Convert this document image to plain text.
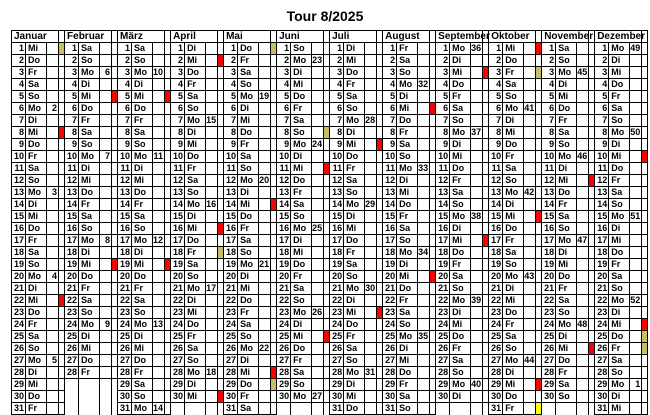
Tour 8/2025
Januar				Februar				März				April				Mai				Juni				Juli				August				September				Oktober				November				Dezember			
1	Mi			1	Sa			1	Sa			1	Di			1	Do			1	So			1	Di			1	Fr			1	Mo	36		1	Mi			1	Sa			1	Mo	49	
2	Do			2	So			2	So			2	Mi			2	Fr			2	Mo	23		2	Mi			2	Sa			2	Di			2	Do			2	So			2	Di		
3	Fr			3	Mo	6		3	Mo	10		3	Do			3	Sa			3	Di			3	Do			3	So			3	Mi			3	Fr			3	Mo	45		3	Mi		
4	Sa			4	Di			4	Di			4	Fr			4	So			4	Mi			4	Fr			4	Mo	32		4	Do			4	Sa			4	Di			4	Do		
5	So			5	Mi			5	Mi			5	Sa			5	Mo	19		5	Do			5	Sa			5	Di			5	Fr			5	So			5	Mi			5	Fr		
6	Mo	2		6	Do			6	Do			6	So			6	Di			6	Fr			6	So			6	Mi			6	Sa			6	Mo	41		6	Do			6	Sa		
7	Di			7	Fr			7	Fr			7	Mo	15		7	Mi			7	Sa			7	Mo	28		7	Do			7	So			7	Di			7	Fr			7	So		
8	Mi			8	Sa			8	Sa			8	Di			8	Do			8	So			8	Di			8	Fr			8	Mo	37		8	Mi			8	Sa			8	Mo	50	
9	Do			9	So			9	So			9	Mi			9	Fr			9	Mo	24		9	Mi			9	Sa			9	Di			9	Do			9	So			9	Di		
10	Fr			10	Mo	7		10	Mo	11		10	Do			10	Sa			10	Di			10	Do			10	So			10	Mi			10	Fr			10	Mo	46		10	Mi		
11	Sa			11	Di			11	Di			11	Fr			11	So			11	Mi			11	Fr			11	Mo	33		11	Do			11	Sa			11	Di			11	Do		
12	So			12	Mi			12	Mi			12	Sa			12	Mo	20		12	Do			12	Sa			12	Di			12	Fr			12	So			12	Mi			12	Fr		
13	Mo	3		13	Do			13	Do			13	So			13	Di			13	Fr			13	So			13	Mi			13	Sa			13	Mo	42		13	Do			13	Sa		
14	Di			14	Fr			14	Fr			14	Mo	16		14	Mi			14	Sa			14	Mo	29		14	Do			14	So			14	Di			14	Fr			14	So		
15	Mi			15	Sa			15	Sa			15	Di			15	Do			15	So			15	Di			15	Fr			15	Mo	38		15	Mi			15	Sa			15	Mo	51	
16	Do			16	So			16	So			16	Mi			16	Fr			16	Mo	25		16	Mi			16	Sa			16	Di			16	Do			16	So			16	Di		
17	Fr			17	Mo	8		17	Mo	12		17	Do			17	Sa			17	Di			17	Do			17	So			17	Mi			17	Fr			17	Mo	47		17	Mi		
18	Sa			18	Di			18	Di			18	Fr			18	So			18	Mi			18	Fr			18	Mo	34		18	Do			18	Sa			18	Di			18	Do		
19	So			19	Mi			19	Mi			19	Sa			19	Mo	21		19	Do			19	Sa			19	Di			19	Fr			19	So			19	Mi			19	Fr		
20	Mo	4		20	Do			20	Do			20	So			20	Di			20	Fr			20	So			20	Mi			20	Sa			20	Mo	43		20	Do			20	Sa		
21	Di			21	Fr			21	Fr			21	Mo	17		21	Mi			21	Sa			21	Mo	30		21	Do			21	So			21	Di			21	Fr			21	So		
22	Mi			22	Sa			22	Sa			22	Di			22	Do			22	So			22	Di			22	Fr			22	Mo	39		22	Mi			22	Sa			22	Mo	52	
23	Do			23	So			23	So			23	Mi			23	Fr			23	Mo	26		23	Mi			23	Sa			23	Di			23	Do			23	So			23	Di		
24	Fr			24	Mo	9		24	Mo	13		24	Do			24	Sa			24	Di			24	Do			24	So			24	Mi			24	Fr			24	Mo	48		24	Mi		
25	Sa			25	Di			25	Di			25	Fr			25	So			25	Mi			25	Fr			25	Mo	35		25	Do			25	Sa			25	Di			25	Do		
26	So			26	Mi			26	Mi			26	Sa			26	Mo	22		26	Do			26	Sa			26	Di			26	Fr			26	So			26	Mi			26	Fr		
27	Mo	5		27	Do			27	Do			27	So			27	Di			27	Fr			27	So			27	Mi			27	Sa			27	Mo	44		27	Do			27	Sa		
28	Di			28	Fr			28	Fr			28	Mo	18		28	Mi			28	Sa			28	Mo	31		28	Do			28	So			28	Di			28	Fr			28	So		
29	Mi							29	Sa			29	Di			29	Do			29	So			29	Di			29	Fr			29	Mo	40		29	Mi			29	Sa			29	Mo	1	
30	Do							30	So			30	Mi			30	Fr			30	Mo	27		30	Mi			30	Sa			30	Di			30	Do			30	So			30	Di		
31	Fr							31	Mo	14						31	Sa							31	Do			31	So							31	Fr							31	Mi		
